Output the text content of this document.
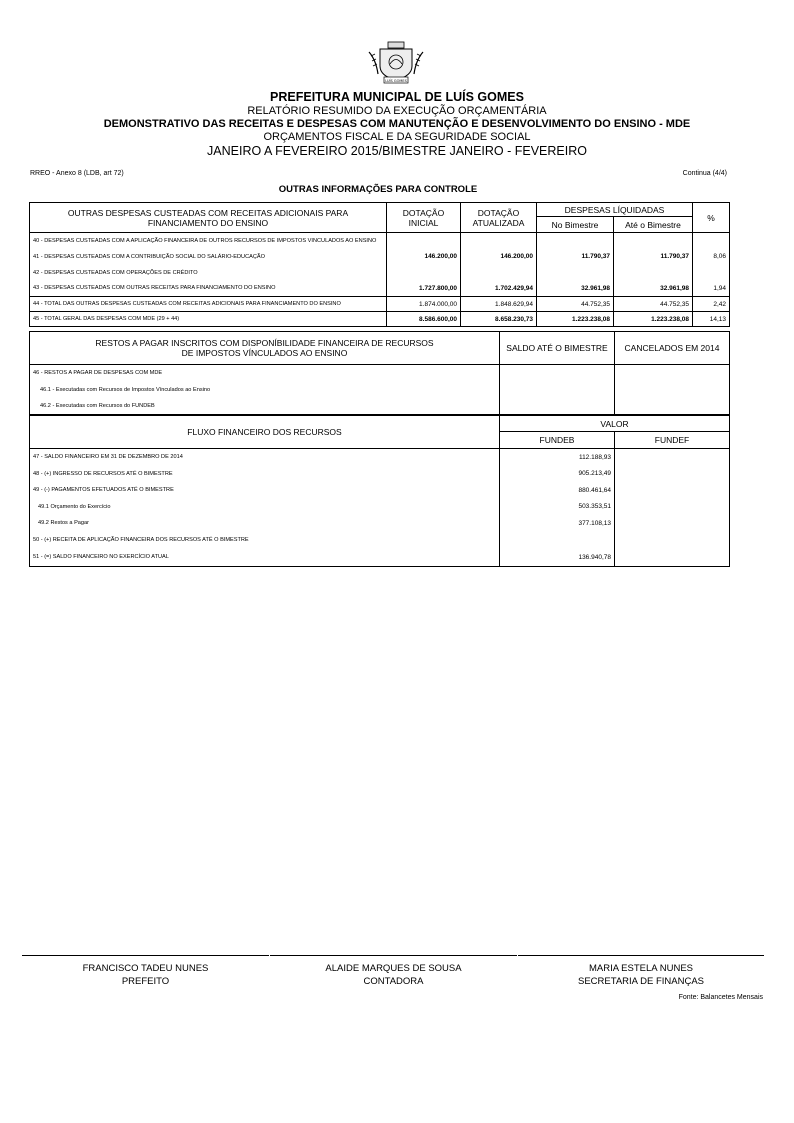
LUÍS GOMES
PREFEITURA MUNICIPAL DE LUÍS GOMES
RELATÓRIO RESUMIDO DA EXECUÇÃO ORÇAMENTÁRIA
DEMONSTRATIVO DAS RECEITAS E DESPESAS COM MANUTENÇÃO E DESENVOLVIMENTO DO ENSINO - MDE
ORÇAMENTOS FISCAL E DA SEGURIDADE SOCIAL
JANEIRO A FEVEREIRO 2015/BIMESTRE JANEIRO - FEVEREIRO
RREO - Anexo 8 (LDB, art 72)	Continua (4/4)
OUTRAS INFORMAÇÕES PARA CONTROLE
OUTRAS DESPESAS CUSTEADAS COM RECEITAS ADICIONAIS PARA FINANCIAMENTO DO ENSINO	DOTAÇÃO INICIAL	DOTAÇÃO ATUALIZADA	DESPESAS LÍQUIDADAS		%
			No Bimestre	Até o Bimestre	
40 - DESPESAS CUSTEADAS COM A APLICAÇÃO FINANCEIRA DE OUTROS RECURSOS DE IMPOSTOS VINCULADOS AO ENSINO					
41 - DESPESAS CUSTEADAS COM A CONTRIBUIÇÃO SOCIAL DO SALÁRIO-EDUCAÇÃO	146.200,00	146.200,00	11.790,37	11.790,37	8,06
42 - DESPESAS CUSTEADAS COM OPERAÇÕES DE CRÉDITO					
43 - DESPESAS CUSTEADAS COM OUTRAS RECEITAS PARA FINANCIAMENTO DO ENSINO	1.727.800,00	1.702.429,94	32.961,98	32.961,98	1,94
44 - TOTAL DAS OUTRAS DESPESAS CUSTEADAS COM RECEITAS ADICIONAIS PARA FINANCIAMENTO DO ENSINO	1.874.000,00	1.848.629,94	44.752,35	44.752,35	2,42
45 - TOTAL GERAL DAS DESPESAS COM MDE (29 + 44)	8.586.600,00	8.658.230,73	1.223.238,08	1.223.238,08	14,13
RESTOS A PAGAR INSCRITOS COM DISPONÍBILIDADE FINANCEIRA DE RECURSOS DE IMPOSTOS VÍNCULADOS AO ENSINO	SALDO ATÉ O BIMESTRE	CANCELADOS EM 2014
46 - RESTOS A PAGAR DE DESPESAS COM MDE		
46.1 - Executadas com Recursos de Impostos Vínculados ao Ensino		
46.2 - Executadas com Recursos do FUNDEB		
FLUXO FINANCEIRO DOS RECURSOS	VALOR	
	FUNDEB	FUNDEF
47 - SALDO FINANCEIRO EM 31 DE DEZEMBRO DE 2014	112.188,93	
48 - (+) INGRESSO DE RECURSOS ATÉ O BIMESTRE	905.213,49	
49 - (-) PAGAMENTOS EFETUADOS ATÉ O BIMESTRE	880.461,64	
49.1 Orçamento do Exercício	503.353,51	
49.2 Restos a Pagar	377.108,13	
50 - (+) RECEITA DE APLICAÇÃO FINANCEIRA DOS RECURSOS ATÉ O BIMESTRE		
51 - (=) SALDO FINANCEIRO NO EXERCÍCIO ATUAL	136.940,78	
FRANCISCO TADEU NUNES
PREFEITO
ALAIDE MARQUES DE SOUSA
CONTADORA
MARIA ESTELA NUNES
SECRETARIA DE FINANÇAS
Fonte: Balancetes Mensais
